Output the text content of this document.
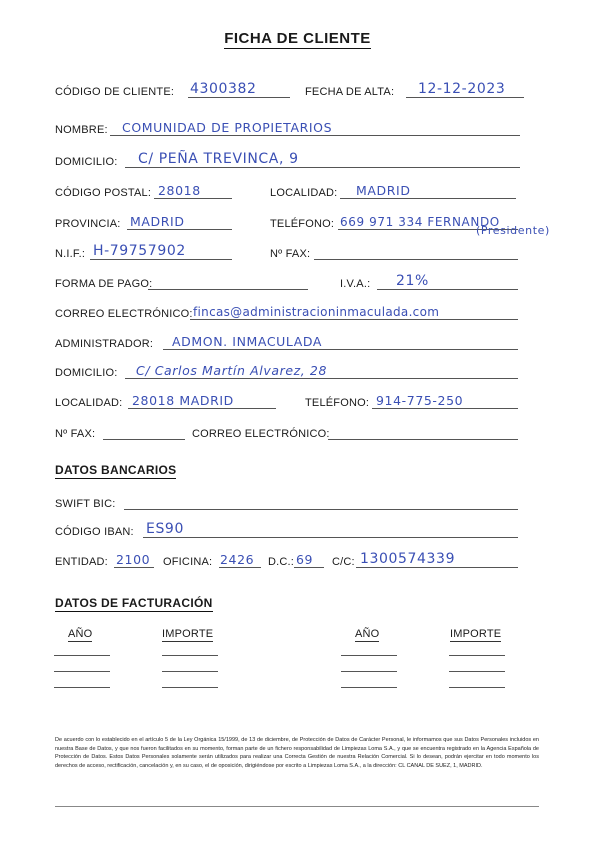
FICHA DE CLIENTE
CÓDIGO DE CLIENTE: 4300382	FECHA DE ALTA: 12-12-2023
NOMBRE: COMUNIDAD DE PROPIETARIOS
DOMICILIO: C/ PEÑA TREVINCA, 9
CÓDIGO POSTAL: 28018	LOCALIDAD: MADRID
PROVINCIA: MADRID	TELÉFONO: 669 971 334 FERNANDO
(Presidente)
N.I.F.: H-79757902	Nº FAX:
FORMA DE PAGO:	I.V.A.: 21%
CORREO ELECTRÓNICO: fincas@administracioninmaculada.com
ADMINISTRADOR: ADMON. INMACULADA
DOMICILIO: C/ Carlos Martín Alvarez, 28
LOCALIDAD: 28018 MADRID	TELÉFONO: 914-775-250
Nº FAX:	CORREO ELECTRÓNICO:
DATOS BANCARIOS
SWIFT BIC:
CÓDIGO IBAN: ES90
ENTIDAD: 2100 OFICINA: 2426 D.C.: 69 C/C: 1300574339
DATOS DE FACTURACIÓN
AÑO	IMPORTE	AÑO	IMPORTE
De acuerdo con lo establecido en el artículo 5 de la Ley Orgánica 15/1999, de 13 de diciembre, de Protección de Datos de Carácter Personal, le informamos que sus Datos Personales incluidos en nuestra Base de Datos, y que nos fueron facilitados en su momento, forman parte de un fichero responsabilidad de Limpiezas Loma S.A., y que se encuentra registrado en la Agencia Española de Protección de Datos. Estos Datos Personales solamente serán utilizados para realizar una Correcta Gestión de nuestra Relación Comercial. Si lo desean, podrán ejercitar en todo momento los derechos de acceso, rectificación, cancelación y, en su caso, el de oposición, dirigiéndose por escrito a Limpiezas Loma S.A., a la dirección: CL CANAL DE SUEZ, 1, MADRID.
